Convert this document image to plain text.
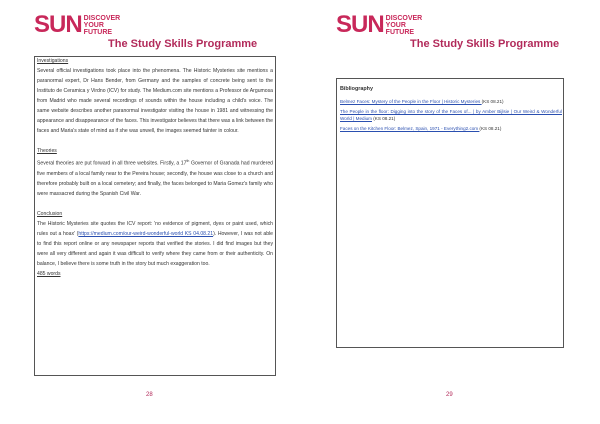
SUN DISCOVER
YOUR
FUTURE
The Study Skills Programme

Investigations

Several official investigations took place into the phenomena. The Historic Mysteries site mentions a paranormal expert, Dr Hans Bender, from Germany and the samples of concrete being sent to the Instituto de Ceramica y Virdno (ICV) for study. The Medium.com site mentions a Professor de Argumosa from Madrid who made several recordings of sounds within the house including a child's voice. The same website describes another paranormal investigator visiting the house in 1981 and witnessing the appearance and disappearance of the faces. This investigator believes that there was a link between the faces and Maria's state of mind as if she was unwell, the images seemed fainter in colour.

Theories

Several theories are put forward in all three websites. Firstly, a 17th Governor of Granada had murdered five members of a local family near to the Pereira house; secondly, the house was close to a church and therefore probably built on a local cemetery; and finally, the faces belonged to Maria Gomez's family who were massacred during the Spanish Civil War.

Conclusion

The Historic Mysteries site quotes the ICV report: 'no evidence of pigment, dyes or paint used, which rules out a hoax' (https://medium.com/our-weird-wonderful-world KS 04.08.21). However, I was not able to find this report online or any newspaper reports that verified the stories. I did find images but they were all very different and again it was difficult to verify where they came from or their authenticity. On balance, I believe there is some truth in the story but much exaggeration too.

485 words

28
SUN DISCOVER
YOUR
FUTURE
The Study Skills Programme
Bibliography

Belmez Faces: Mystery of the People in the Floor | Historic Mysteries (KS 08.21)

The People in the floor: Digging into the story of the Faces of... | by Amber Bijlsie | Our Weird & Wonderful World | Medium (KS 08.21)

Faces on the Kitchen Floor: Belmez, Spain, 1971 - Everything2.com (KS 08.21)

29
